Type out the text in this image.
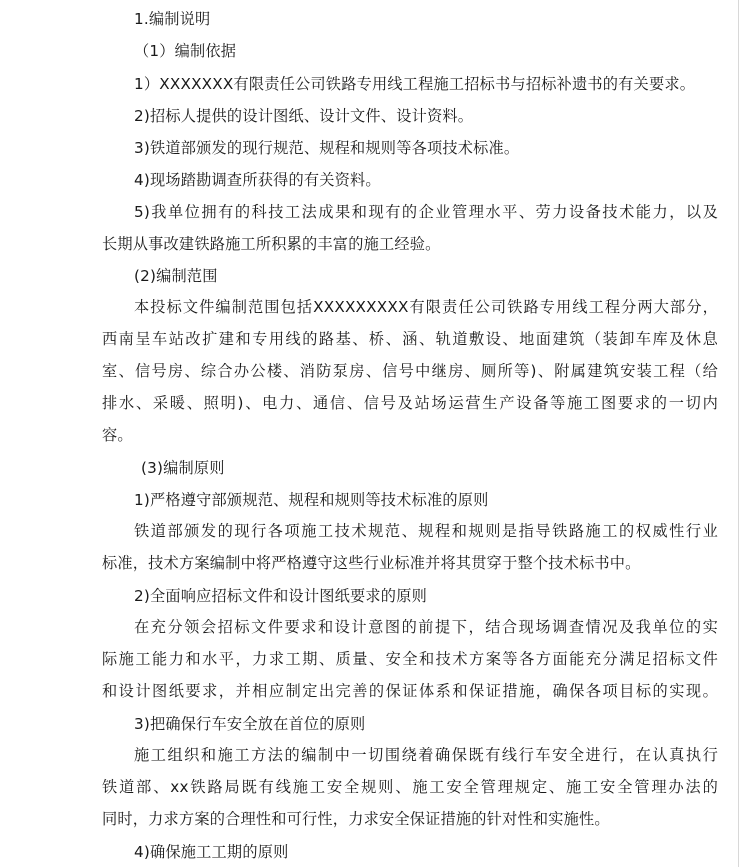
1.编制说明
（1）编制依据
1）XXXXXXX有限责任公司铁路专用线工程施工招标书与招标补遗书的有关要求。
2)招标人提供的设计图纸、设计文件、设计资料。
3)铁道部颁发的现行规范、规程和规则等各项技术标准。
4)现场踏勘调查所获得的有关资料。
5)我单位拥有的科技工法成果和现有的企业管理水平、劳力设备技术能力，以及
长期从事改建铁路施工所积累的丰富的施工经验。
(2)编制范围
本投标文件编制范围包括XXXXXXXXX有限责任公司铁路专用线工程分两大部分，
西南呈车站改扩建和专用线的路基、桥、涵、轨道敷设、地面建筑（装卸车库及休息
室、信号房、综合办公楼、消防泵房、信号中继房、厕所等)、附属建筑安装工程（给
排水、采暖、照明)、电力、通信、信号及站场运营生产设备等施工图要求的一切内
容。
(3)编制原则
1)严格遵守部颁规范、规程和规则等技术标准的原则
铁道部颁发的现行各项施工技术规范、规程和规则是指导铁路施工的权威性行业
标准，技术方案编制中将严格遵守这些行业标准并将其贯穿于整个技术标书中。
2)全面响应招标文件和设计图纸要求的原则
在充分领会招标文件要求和设计意图的前提下，结合现场调查情况及我单位的实
际施工能力和水平，力求工期、质量、安全和技术方案等各方面能充分满足招标文件
和设计图纸要求，并相应制定出完善的保证体系和保证措施，确保各项目标的实现。
3)把确保行车安全放在首位的原则
施工组织和施工方法的编制中一切围绕着确保既有线行车安全进行，在认真执行
铁道部、xx铁路局既有线施工安全规则、施工安全管理规定、施工安全管理办法的
同时，力求方案的合理性和可行性，力求安全保证措施的针对性和实施性。
4)确保施工工期的原则
